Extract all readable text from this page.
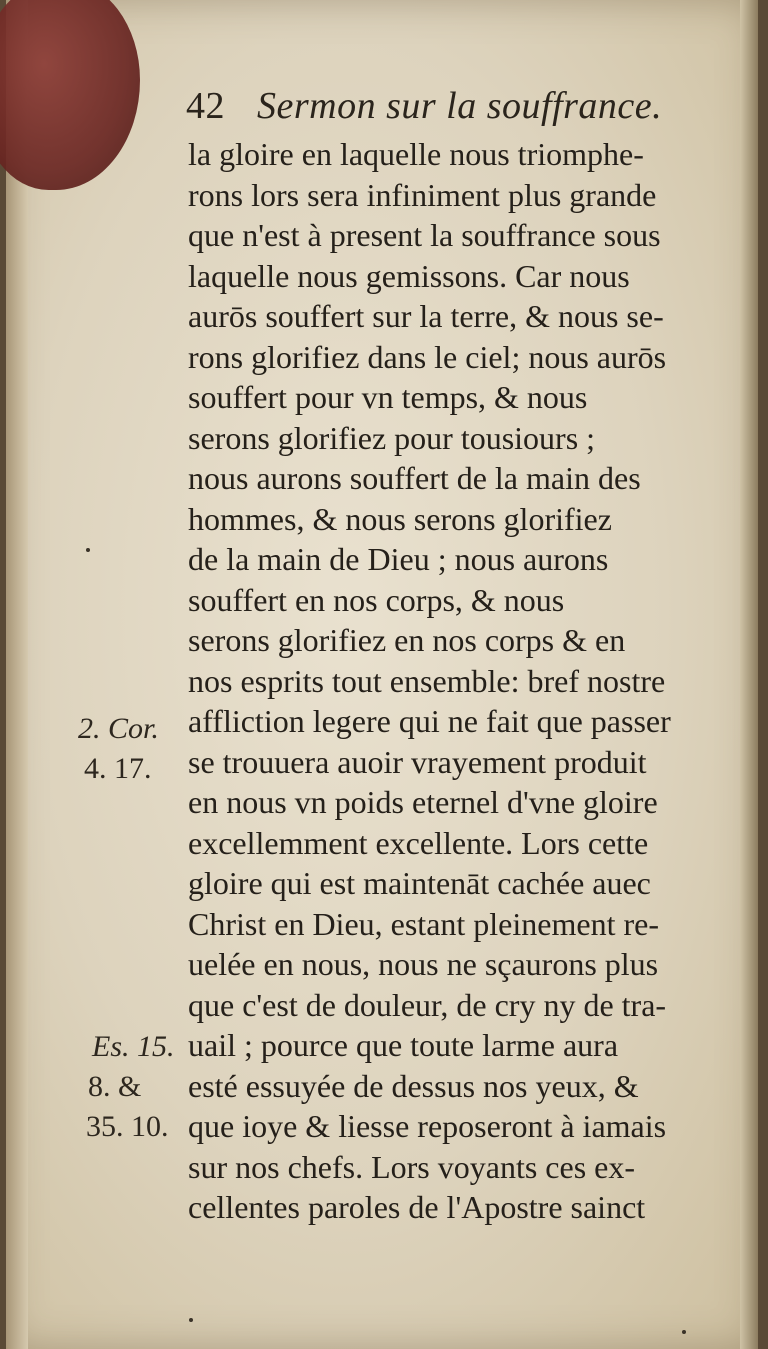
42 Sermon sur la souffrance.
la gloire en laquelle nous triomphe-
rons lors sera infiniment plus grande
que n'est à present la souffrance sous
laquelle nous gemissons. Car nous
aurōs souffert sur la terre, & nous se-
rons glorifiez dans le ciel; nous aurōs
souffert pour vn temps, & nous
serons glorifiez pour tousiours ;
nous aurons souffert de la main des
hommes, & nous serons glorifiez
de la main de Dieu ; nous aurons
souffert en nos corps, & nous
serons glorifiez en nos corps & en
nos esprits tout ensemble: bref nostre
affliction legere qui ne fait que passer
se trouuera auoir vrayement produit
en nous vn poids eternel d'vne gloire
excellemment excellente. Lors cette
gloire qui est maintenāt cachée auec
Christ en Dieu, estant pleinement re-
uelée en nous, nous ne sçaurons plus
que c'est de douleur, de cry ny de tra-
uail ; pource que toute larme aura
esté essuyée de dessus nos yeux, &
que ioye & liesse reposeront à iamais
sur nos chefs. Lors voyants ces ex-
cellentes paroles de l'Apostre sainct
2. Cor.
4. 17.
Es. 15.
8. &
35. 10.
